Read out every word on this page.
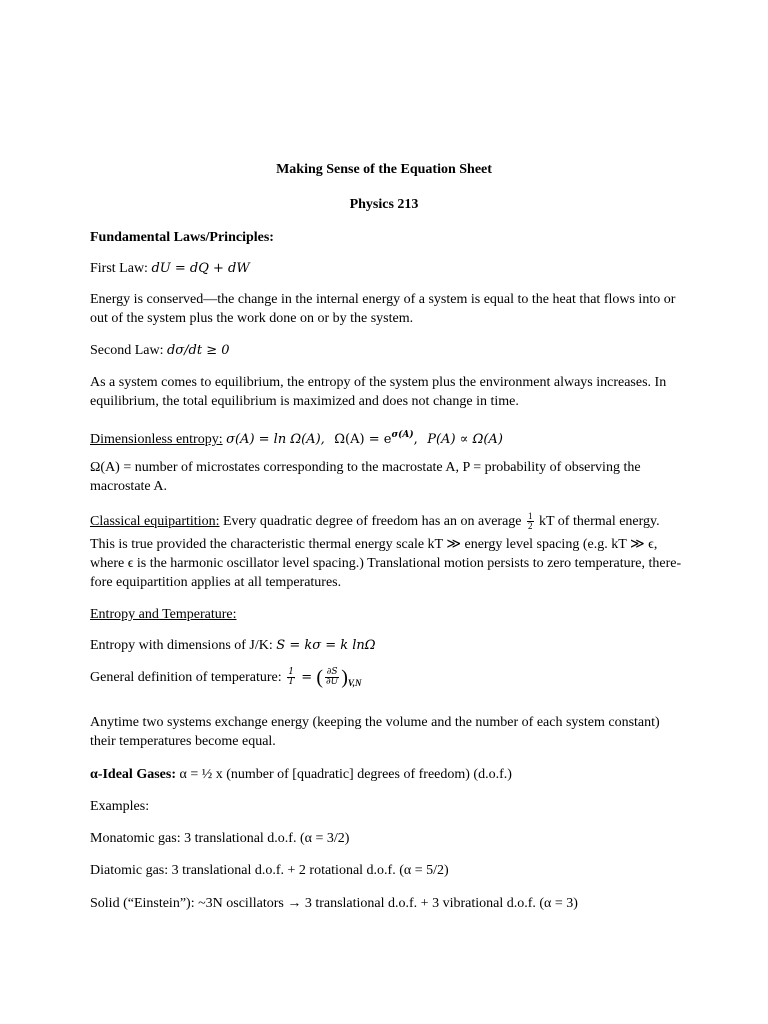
Making Sense of the Equation Sheet
Physics 213
Fundamental Laws/Principles:
First Law: dU = dQ + dW
Energy is conserved—the change in the internal energy of a system is equal to the heat that flows into or out of the system plus the work done on or by the system.
Second Law: dσ/dt ≥ 0
As a system comes to equilibrium, the entropy of the system plus the environment always increases. In equilibrium, the total equilibrium is maximized and does not change in time.
Dimensionless entropy: σ(A) = ln Ω(A), $\Omega(A) = e^{\sigma(A)}$, P(A) ∝ Ω(A)
Ω(A) = number of microstates corresponding to the macrostate A, P = probability of observing the
macrostate A.
Classical equipartition: Every quadratic degree of freedom has an on average $\frac{1}{2}$ kT of thermal energy.
This is true provided the characteristic thermal energy scale kT ≫ energy level spacing (e.g. kT ≫ ϵ,
where ϵ is the harmonic oscillator level spacing.) Translational motion persists to zero temperature, there-
fore equipartition applies at all temperatures.
Entropy and Temperature:
Entropy with dimensions of J/K: S = kσ = k lnΩ
General definition of temperature: $\frac{1}{T}$ = ( $\frac{\partial S}{\partial U} )_{V,N}$
Anytime two systems exchange energy (keeping the volume and the number of each system constant)
their temperatures become equal.
α-Ideal Gases: α = ½ x (number of [quadratic] degrees of freedom) (d.o.f.)
Examples:
Monatomic gas: 3 translational d.o.f. (α = 3/2)
Diatomic gas: 3 translational d.o.f. + 2 rotational d.o.f. (α = 5/2)
Solid (“Einstein”): ~3N oscillators → 3 translational d.o.f. + 3 vibrational d.o.f. (α = 3)
